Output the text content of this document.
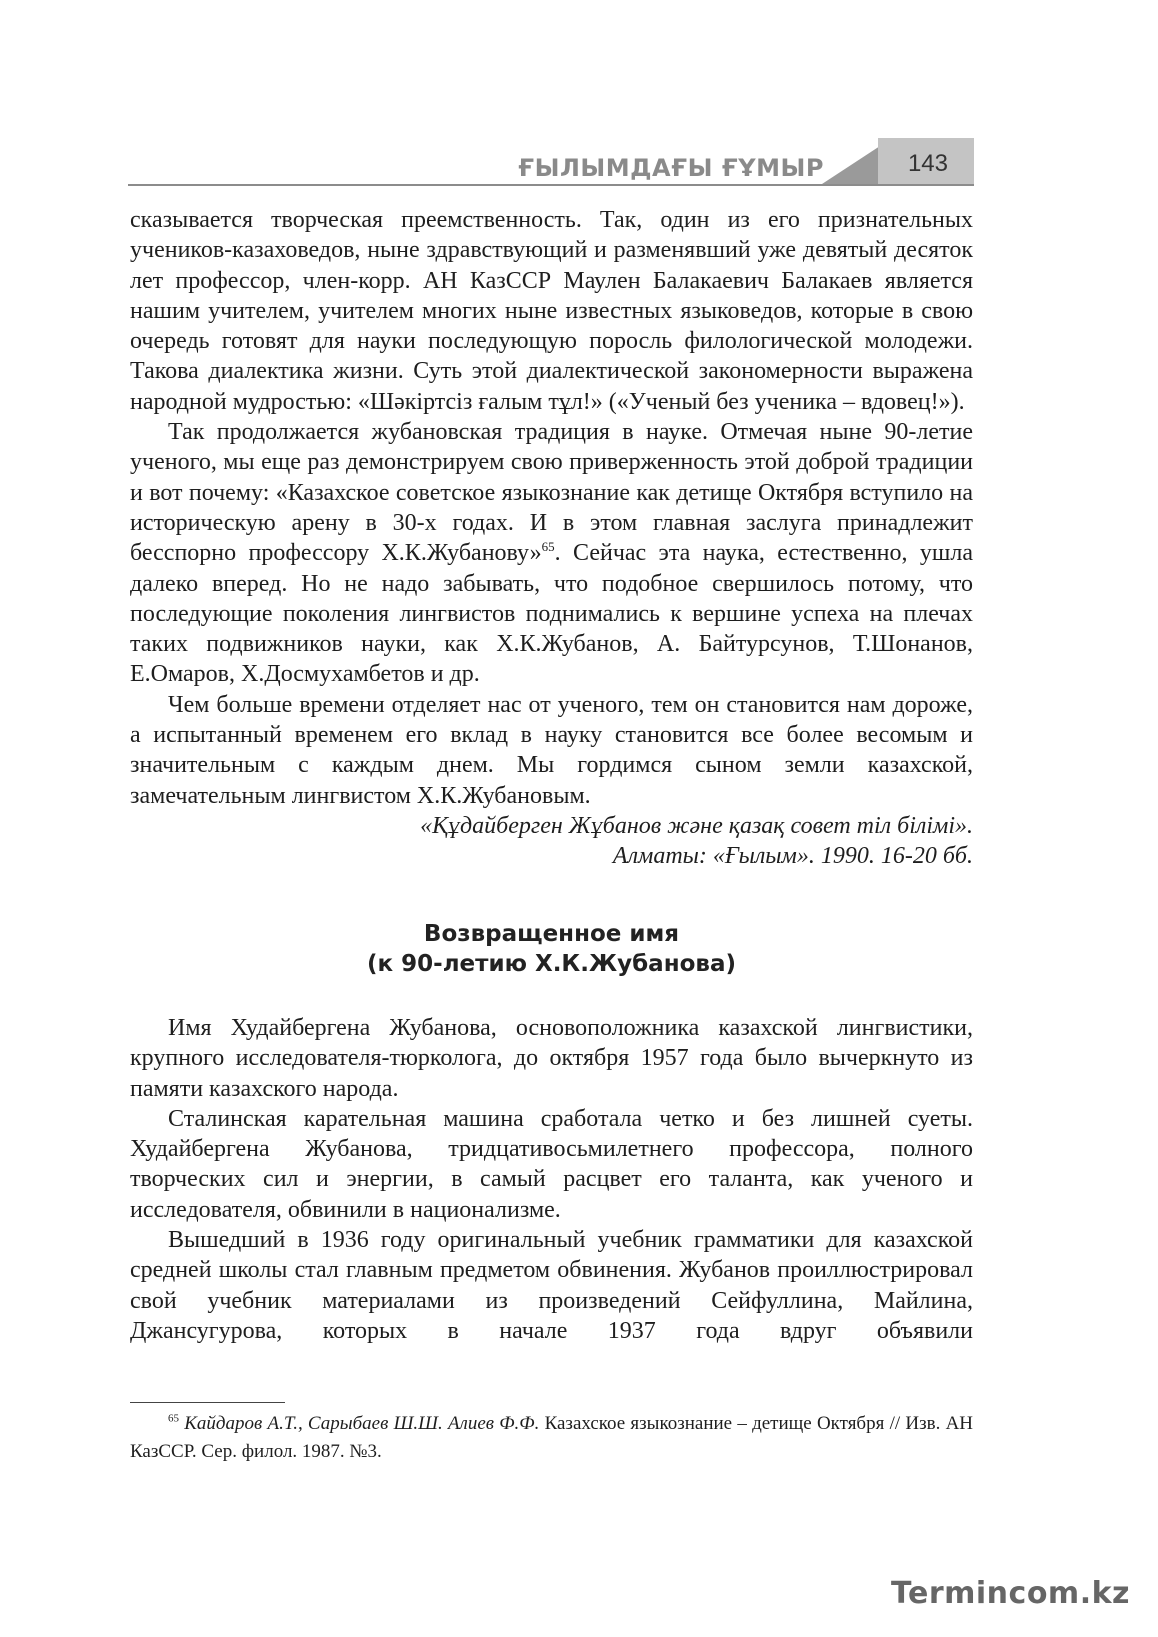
ҒЫЛЫМДАҒЫ ҒҰМЫР	143

сказывается творческая преемственность. Так, один из его признательных учеников-казаховедов, ныне здравствующий и разменявший уже девятый десяток лет профессор, член-корр. АН КазССР Маулен Балакаевич Балакаев является нашим учителем, учителем многих ныне известных языковедов, которые в свою очередь готовят для науки последующую поросль филологической молодежи. Такова диалектика жизни. Суть этой диалектической закономерности выражена народной мудростью: «Шәкіртсіз ғалым тұл!» («Ученый без ученика – вдовец!»).

Так продолжается жубановская традиция в науке. Отмечая ныне 90-летие ученого, мы еще раз демонстрируем свою приверженность этой доброй традиции и вот почему: «Казахское советское языкознание как детище Октября вступило на историческую арену в 30-х годах. И в этом главная заслуга принадлежит бесспорно профессору Х.К.Жубанову»$^{65}$. Сейчас эта наука, естественно, ушла далеко вперед. Но не надо забывать, что подобное свершилось потому, что последующие поколения лингвистов поднимались к вершине успеха на плечах таких подвижников науки, как Х.К.Жубанов, А. Байтурсунов, Т.Шонанов, Е.Омаров, Х.Досмухамбетов и др.

Чем больше времени отделяет нас от ученого, тем он становится нам дороже, а испытанный временем его вклад в науку становится все более весомым и значительным с каждым днем. Мы гордимся сыном земли казахской, замечательным лингвистом Х.К.Жубановым.

«Құдайберген Жұбанов және қазақ совет тіл білімі».
Алматы: «Ғылым». 1990. 16-20 бб.

Возвращенное имя
(к 90-летию Х.К.Жубанова)

Имя Худайбергена Жубанова, основоположника казахской лингвистики, крупного исследователя-тюрколога, до октября 1957 года было вычеркнуто из памяти казахского народа.

Сталинская карательная машина сработала четко и без лишней суеты. Худайбергена Жубанова, тридцативосьмилетнего профессора, полного творческих сил и энергии, в самый расцвет его таланта, как ученого и исследователя, обвинили в национализме.

Вышедший в 1936 году оригинальный учебник грамматики для казахской средней школы стал главным предметом обвинения. Жубанов проиллюстрировал свой учебник материалами из произведений Сейфуллина, Майлина, Джансугурова, которых в начале 1937 года вдруг объявили

$^{65}$ Кайдаров А.Т., Сарыбаев Ш.Ш. Алиев Ф.Ф. Казахское языкознание – детище Октября // Изв. АН КазССР. Сер. филол. 1987. №3.

Termincom.kz
